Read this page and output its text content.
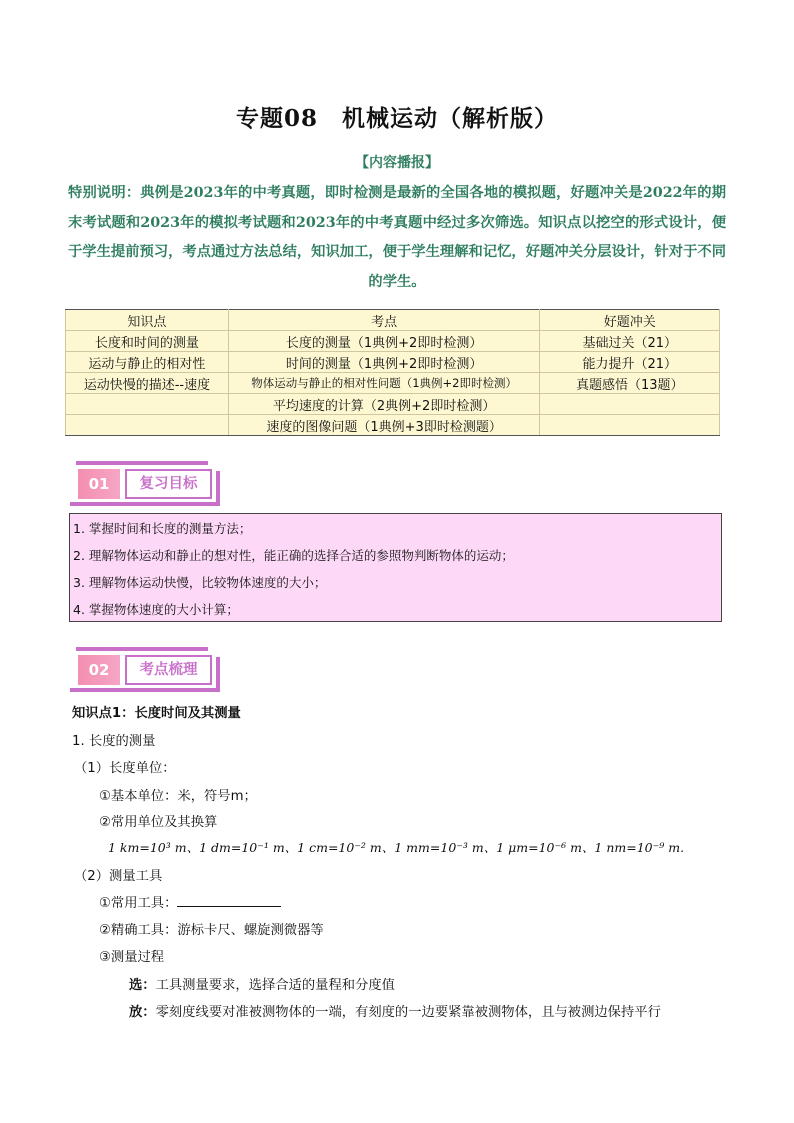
专题08　机械运动（解析版）
【内容播报】
特别说明：典例是2023年的中考真题，即时检测是最新的全国各地的模拟题，好题冲关是2022年的期末考试题和2023年的模拟考试题和2023年的中考真题中经过多次筛选。知识点以挖空的形式设计，便于学生提前预习，考点通过方法总结，知识加工，便于学生理解和记忆，好题冲关分层设计，针对于不同的学生。
知识点	考点	好题冲关
长度和时间的测量	长度的测量（1典例+2即时检测）	基础过关（21）
运动与静止的相对性	时间的测量（1典例+2即时检测）	能力提升（21）
运动快慢的描述--速度	物体运动与静止的相对性问题（1典例+2即时检测）	真题感悟（13题）
	平均速度的计算（2典例+2即时检测）	
	速度的图像问题（1典例+3即时检测题）	
01	复习目标
1. 掌握时间和长度的测量方法；
2. 理解物体运动和静止的想对性，能正确的选择合适的参照物判断物体的运动；
3. 理解物体运动快慢，比较物体速度的大小；
4. 掌握物体速度的大小计算；
02	考点梳理
知识点1：长度时间及其测量
1. 长度的测量
（1）长度单位：
①基本单位：米，符号m；
②常用单位及其换算
1 km=10³ m、1 dm=10⁻¹ m、1 cm=10⁻² m、1 mm=10⁻³ m、1 μm=10⁻⁶ m、1 nm=10⁻⁹ m.
（2）测量工具
①常用工具：
②精确工具：游标卡尺、螺旋测微器等
③测量过程
选：工具测量要求，选择合适的量程和分度值
放：零刻度线要对准被测物体的一端，有刻度的一边要紧靠被测物体，且与被测边保持平行
